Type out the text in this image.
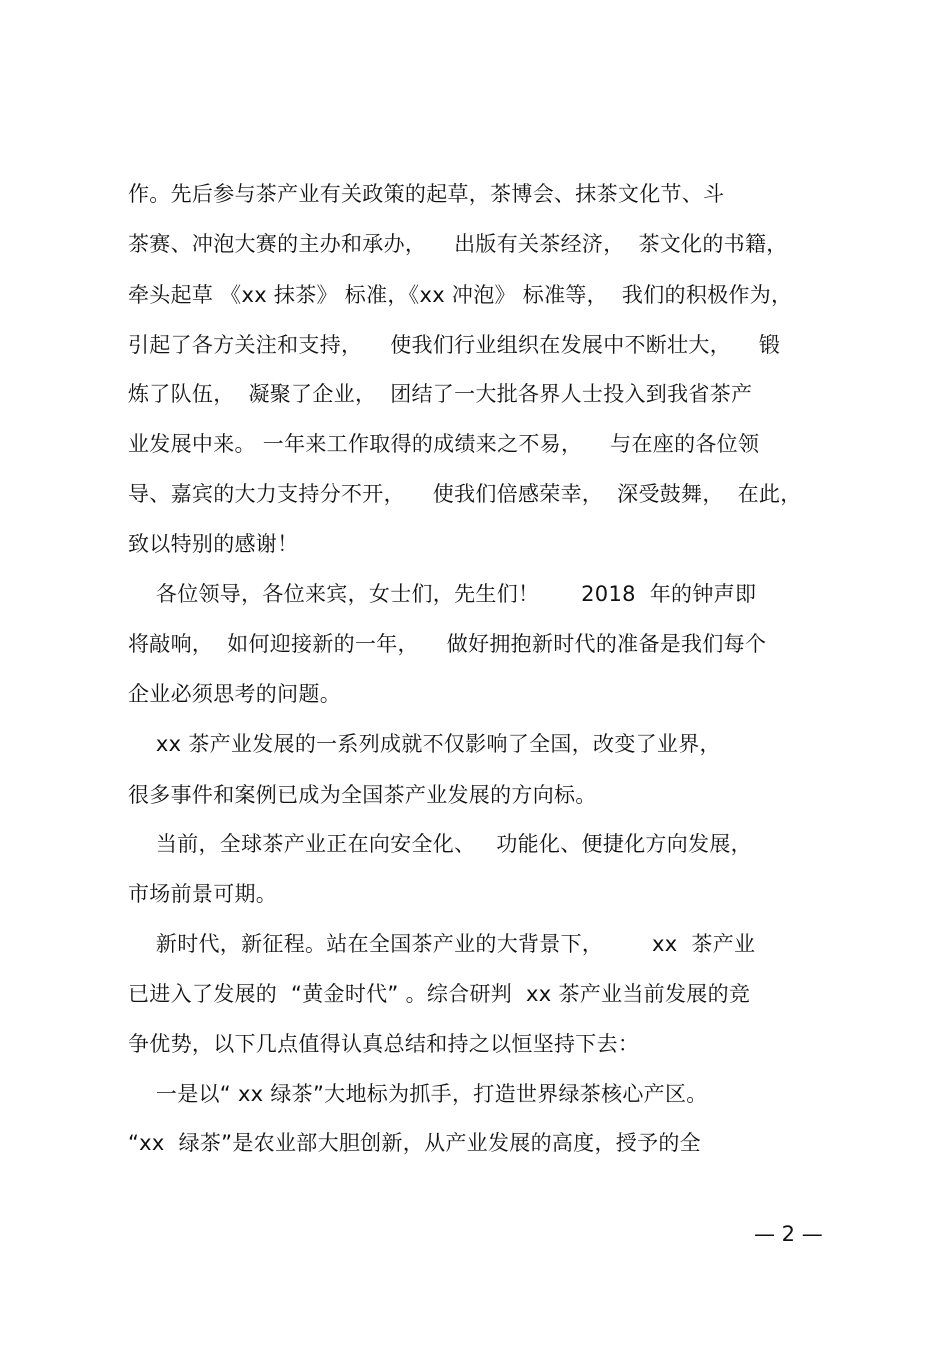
作。先后参与茶产业有关政策的起草，茶博会、抹茶文化节、斗
茶赛、冲泡大赛的主办和承办，    出版有关茶经济，  茶文化的书籍，
牵头起草 《xx 抹茶》 标准，《xx 冲泡》 标准等，  我们的积极作为，
引起了各方关注和支持，    使我们行业组织在发展中不断壮大，    锻
炼了队伍，  凝聚了企业，  团结了一大批各界人士投入到我省茶产
业发展中来。 一年来工作取得的成绩来之不易，    与在座的各位领
导、嘉宾的大力支持分不开，    使我们倍感荣幸，  深受鼓舞，  在此，
致以特别的感谢！
各位领导，各位来宾，女士们，先生们！      2018  年的钟声即
将敲响，  如何迎接新的一年，    做好拥抱新时代的准备是我们每个
企业必须思考的问题。
xx 茶产业发展的一系列成就不仅影响了全国，改变了业界，
很多事件和案例已成为全国茶产业发展的方向标。
当前，全球茶产业正在向安全化、   功能化、便捷化方向发展，
市场前景可期。
新时代，新征程。站在全国茶产业的大背景下，       xx  茶产业
已进入了发展的  “黄金时代” 。综合研判  xx 茶产业当前发展的竞
争优势，以下几点值得认真总结和持之以恒坚持下去：
一是以“ xx 绿茶”大地标为抓手，打造世界绿茶核心产区。
“xx  绿茶”是农业部大胆创新，从产业发展的高度，授予的全
— 2 —
